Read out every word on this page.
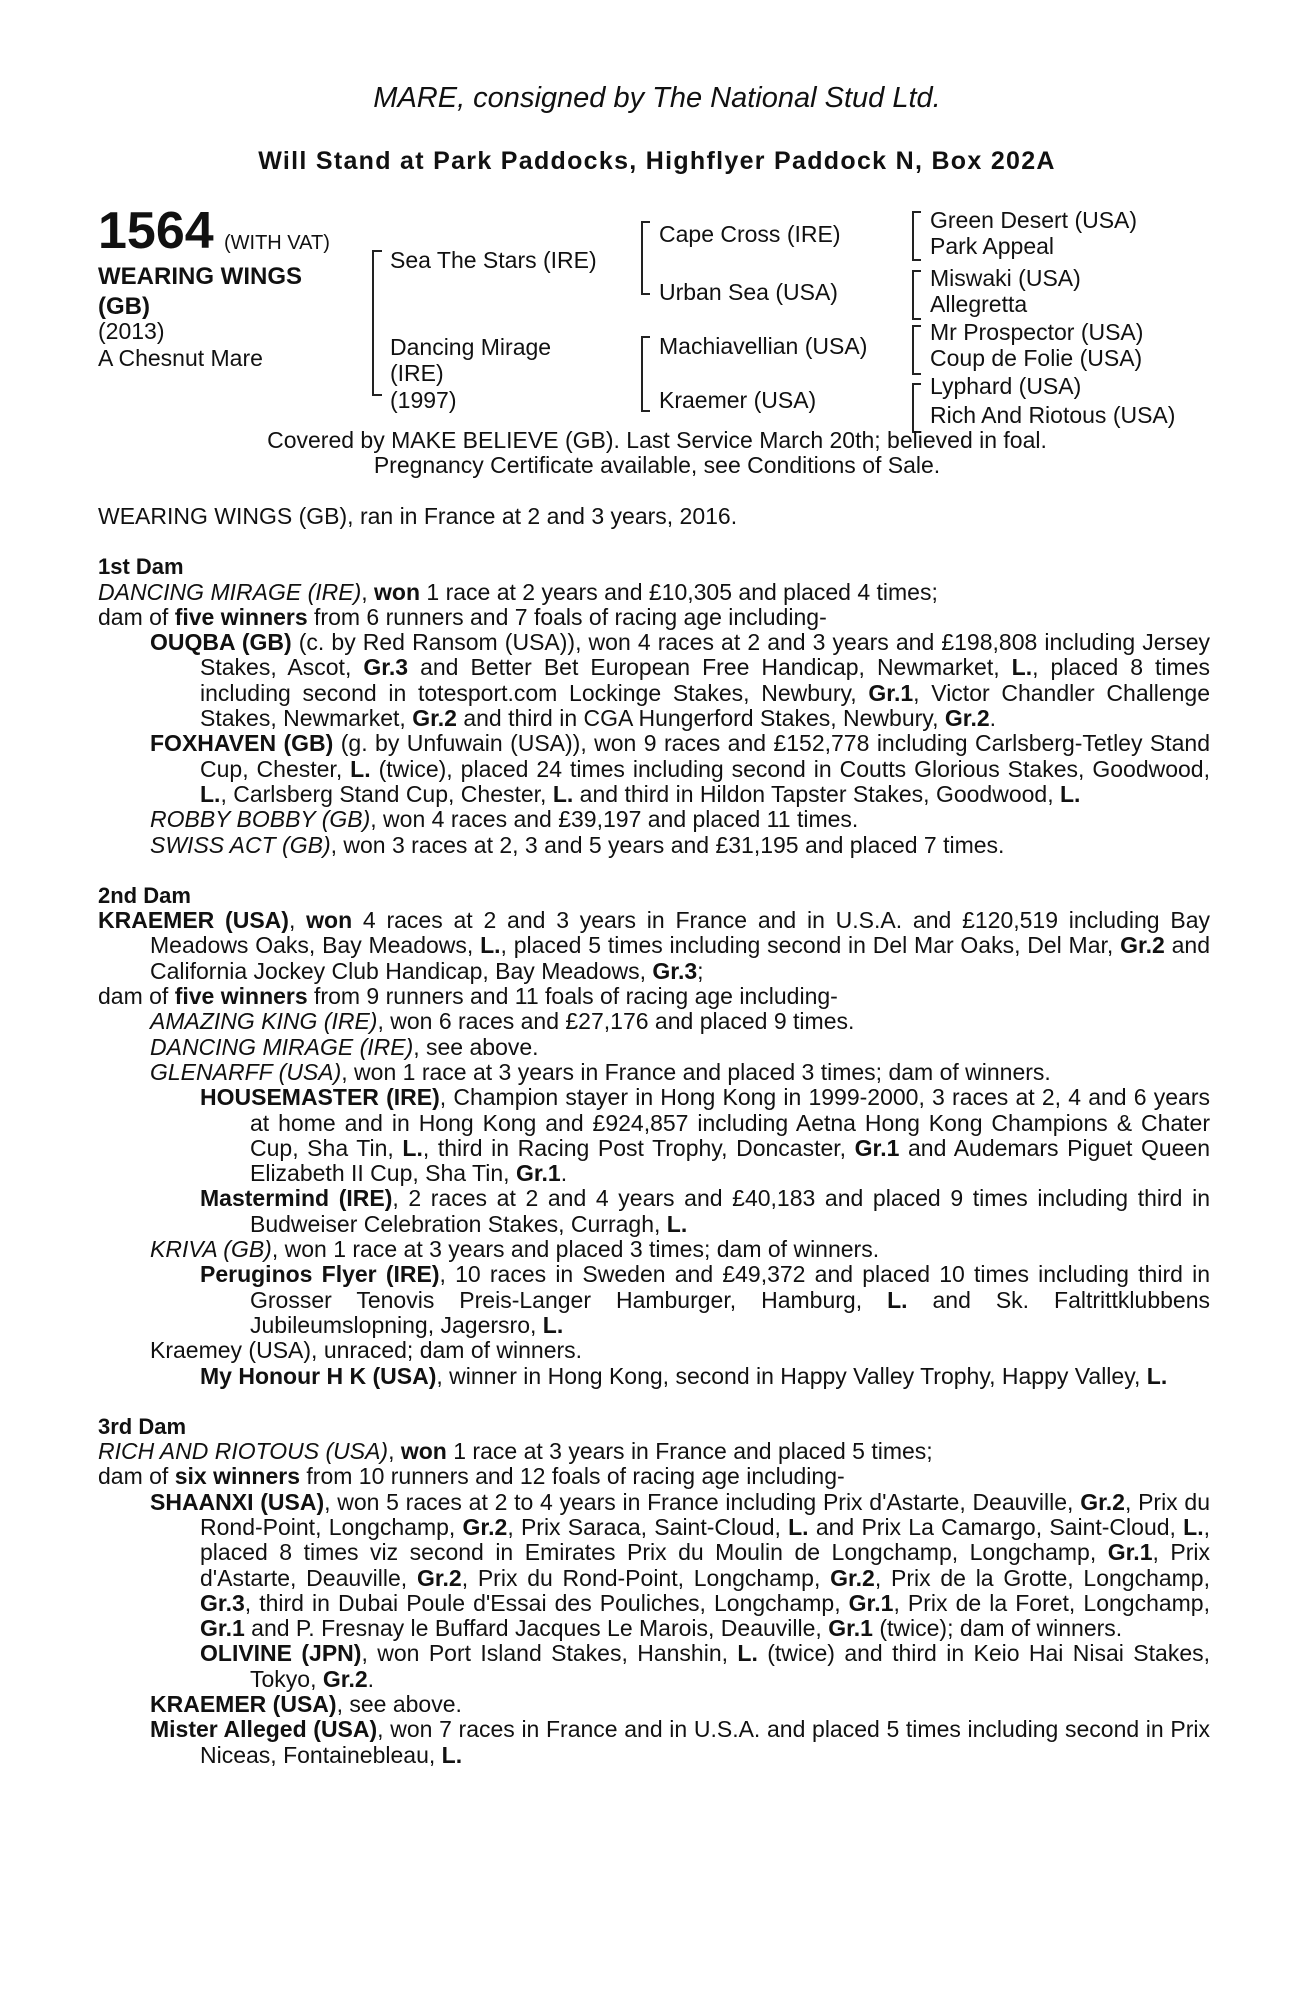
MARE, consigned by The National Stud Ltd.
Will Stand at Park Paddocks, Highflyer Paddock N, Box 202A
1564 (WITH VAT)
WEARING WINGS (GB)
(2013)
A Chesnut Mare
Sea The Stars (IRE)
Dancing Mirage
(IRE)
(1997)
Cape Cross (IRE)
Urban Sea (USA)
Machiavellian (USA)
Kraemer (USA)
Green Desert (USA)
Park Appeal
Miswaki (USA)
Allegretta
Mr Prospector (USA)
Coup de Folie (USA)
Lyphard (USA)
Rich And Riotous (USA)
Covered by MAKE BELIEVE (GB). Last Service March 20th; believed in foal.
Pregnancy Certificate available, see Conditions of Sale.

WEARING WINGS (GB), ran in France at 2 and 3 years, 2016.

1st Dam

DANCING MIRAGE (IRE), won 1 race at 2 years and £10,305 and placed 4 times;

dam of five winners from 6 runners and 7 foals of racing age including-

OUQBA (GB) (c. by Red Ransom (USA)), won 4 races at 2 and 3 years and £198,808 including Jersey Stakes, Ascot, Gr.3 and Better Bet European Free Handicap, Newmarket, L., placed 8 times including second in totesport.com Lockinge Stakes, Newbury, Gr.1, Victor Chandler Challenge Stakes, Newmarket, Gr.2 and third in CGA Hungerford Stakes, Newbury, Gr.2.

FOXHAVEN (GB) (g. by Unfuwain (USA)), won 9 races and £152,778 including Carlsberg-Tetley Stand Cup, Chester, L. (twice), placed 24 times including second in Coutts Glorious Stakes, Goodwood, L., Carlsberg Stand Cup, Chester, L. and third in Hildon Tapster Stakes, Goodwood, L.

ROBBY BOBBY (GB), won 4 races and £39,197 and placed 11 times.

SWISS ACT (GB), won 3 races at 2, 3 and 5 years and £31,195 and placed 7 times.

2nd Dam

KRAEMER (USA), won 4 races at 2 and 3 years in France and in U.S.A. and £120,519 including Bay Meadows Oaks, Bay Meadows, L., placed 5 times including second in Del Mar Oaks, Del Mar, Gr.2 and California Jockey Club Handicap, Bay Meadows, Gr.3;

dam of five winners from 9 runners and 11 foals of racing age including-

AMAZING KING (IRE), won 6 races and £27,176 and placed 9 times.

DANCING MIRAGE (IRE), see above.

GLENARFF (USA), won 1 race at 3 years in France and placed 3 times; dam of winners.

HOUSEMASTER (IRE), Champion stayer in Hong Kong in 1999-2000, 3 races at 2, 4 and 6 years at home and in Hong Kong and £924,857 including Aetna Hong Kong Champions & Chater Cup, Sha Tin, L., third in Racing Post Trophy, Doncaster, Gr.1 and Audemars Piguet Queen Elizabeth II Cup, Sha Tin, Gr.1.

Mastermind (IRE), 2 races at 2 and 4 years and £40,183 and placed 9 times including third in Budweiser Celebration Stakes, Curragh, L.

KRIVA (GB), won 1 race at 3 years and placed 3 times; dam of winners.

Peruginos Flyer (IRE), 10 races in Sweden and £49,372 and placed 10 times including third in Grosser Tenovis Preis-Langer Hamburger, Hamburg, L. and Sk. Faltrittklubbens Jubileumslopning, Jagersro, L.

Kraemey (USA), unraced; dam of winners.

My Honour H K (USA), winner in Hong Kong, second in Happy Valley Trophy, Happy Valley, L.

3rd Dam

RICH AND RIOTOUS (USA), won 1 race at 3 years in France and placed 5 times;

dam of six winners from 10 runners and 12 foals of racing age including-

SHAANXI (USA), won 5 races at 2 to 4 years in France including Prix d'Astarte, Deauville, Gr.2, Prix du Rond-Point, Longchamp, Gr.2, Prix Saraca, Saint-Cloud, L. and Prix La Camargo, Saint-Cloud, L., placed 8 times viz second in Emirates Prix du Moulin de Longchamp, Longchamp, Gr.1, Prix d'Astarte, Deauville, Gr.2, Prix du Rond-Point, Longchamp, Gr.2, Prix de la Grotte, Longchamp, Gr.3, third in Dubai Poule d'Essai des Pouliches, Longchamp, Gr.1, Prix de la Foret, Longchamp, Gr.1 and P. Fresnay le Buffard Jacques Le Marois, Deauville, Gr.1 (twice); dam of winners.

OLIVINE (JPN), won Port Island Stakes, Hanshin, L. (twice) and third in Keio Hai Nisai Stakes, Tokyo, Gr.2.

KRAEMER (USA), see above.

Mister Alleged (USA), won 7 races in France and in U.S.A. and placed 5 times including second in Prix Niceas, Fontainebleau, L.
